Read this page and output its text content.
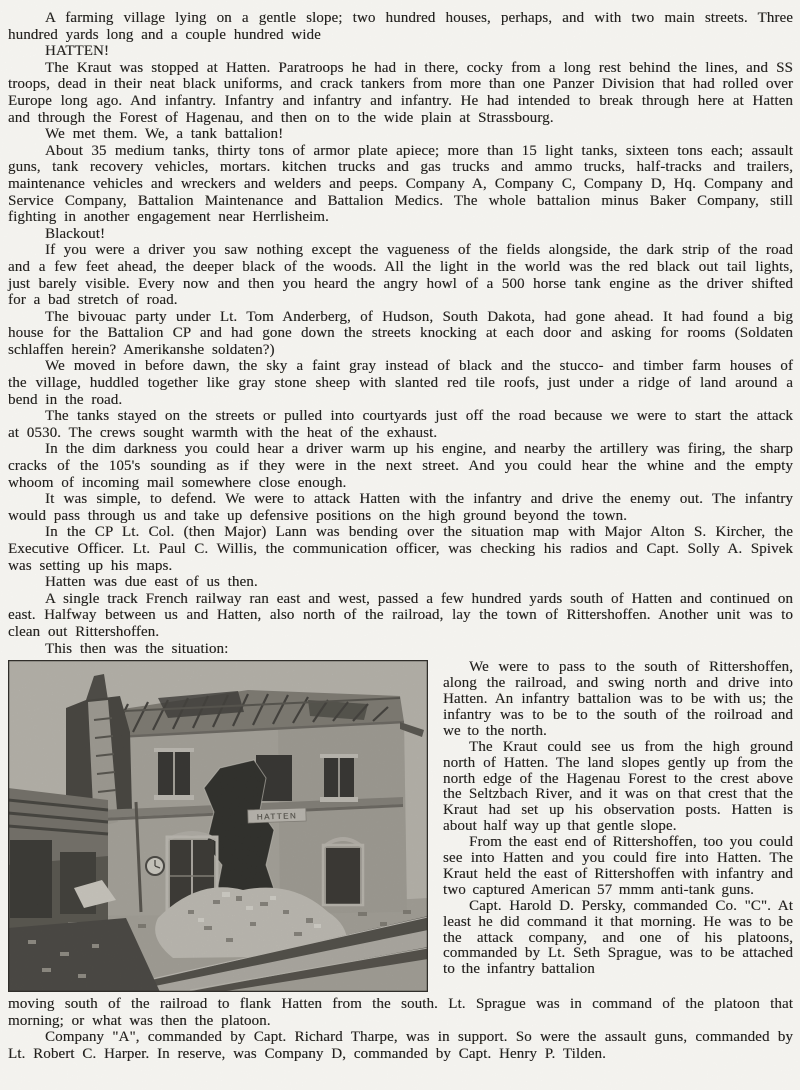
A farming village lying on a gentle slope; two hundred houses, perhaps, and with two main streets. Three hundred yards long and a couple hundred wide

HATTEN!

The Kraut was stopped at Hatten. Paratroops he had in there, cocky from a long rest behind the lines, and SS troops, dead in their neat black uniforms, and crack tankers from more than one Panzer Division that had rolled over Europe long ago. And infantry. Infantry and infantry and infantry. He had intended to break through here at Hatten and through the Forest of Hagenau, and then on to the wide plain at Strassbourg.

We met them. We, a tank battalion!

About 35 medium tanks, thirty tons of armor plate apiece; more than 15 light tanks, sixteen tons each; assault guns, tank recovery vehicles, mortars. kitchen trucks and gas trucks and ammo trucks, half-tracks and trailers, maintenance vehicles and wreckers and welders and peeps. Company A, Company C, Company D, Hq. Company and Service Company, Battalion Maintenance and Battalion Medics. The whole battalion minus Baker Company, still fighting in another engagement near Herrlisheim.

Blackout!

If you were a driver you saw nothing except the vagueness of the fields alongside, the dark strip of the road and a few feet ahead, the deeper black of the woods. All the light in the world was the red black out tail lights, just barely visible. Every now and then you heard the angry howl of a 500 horse tank engine as the driver shifted for a bad stretch of road.

The bivouac party under Lt. Tom Anderberg, of Hudson, South Dakota, had gone ahead. It had found a big house for the Battalion CP and had gone down the streets knocking at each door and asking for rooms (Soldaten schlaffen herein? Amerikanshe soldaten?)

We moved in before dawn, the sky a faint gray instead of black and the stucco- and timber farm houses of the village, huddled together like gray stone sheep with slanted red tile roofs, just under a ridge of land around a bend in the road.

The tanks stayed on the streets or pulled into courtyards just off the road because we were to start the attack at 0530. The crews sought warmth with the heat of the exhaust.

In the dim darkness you could hear a driver warm up his engine, and nearby the artillery was firing, the sharp cracks of the 105's sounding as if they were in the next street. And you could hear the whine and the empty whoom of incoming mail somewhere close enough.

It was simple, to defend. We were to attack Hatten with the infantry and drive the enemy out. The infantry would pass through us and take up defensive positions on the high ground beyond the town.

In the CP Lt. Col. (then Major) Lann was bending over the situation map with Major Alton S. Kircher, the Executive Officer. Lt. Paul C. Willis, the communication officer, was checking his radios and Capt. Solly A. Spivek was setting up his maps.

Hatten was due east of us then.

A single track French railway ran east and west, passed a few hundred yards south of Hatten and continued on east. Halfway between us and Hatten, also north of the railroad, lay the town of Rittershoffen. Another unit was to clean out Rittershoffen.

This then was the situation:

HATTEN

We were to pass to the south of Rittershoffen, along the railroad, and swing north and drive into Hatten. An infantry battalion was to be with us; the infantry was to be to the south of the roilroad and we to the north.

The Kraut could see us from the high ground north of Hatten. The land slopes gently up from the north edge of the Hagenau Forest to the crest above the Seltzbach River, and it was on that crest that the Kraut had set up his observation posts. Hatten is about half way up that gentle slope.

From the east end of Rittershoffen, too you could see into Hatten and you could fire into Hatten. The Kraut held the east of Rittershoffen with infantry and two captured American 57 mmm anti-tank guns.

Capt. Harold D. Persky, commanded Co. "C". At least he did command it that morning. He was to be the attack company, and one of his platoons, commanded by Lt. Seth Sprague, was to be attached to the infantry battalion

moving south of the railroad to flank Hatten from the south. Lt. Sprague was in command of the platoon that morning; or what was then the platoon.

Company "A", commanded by Capt. Richard Tharpe, was in support. So were the assault guns, commanded by Lt. Robert C. Harper. In reserve, was Company D, commanded by Capt. Henry P. Tilden.
